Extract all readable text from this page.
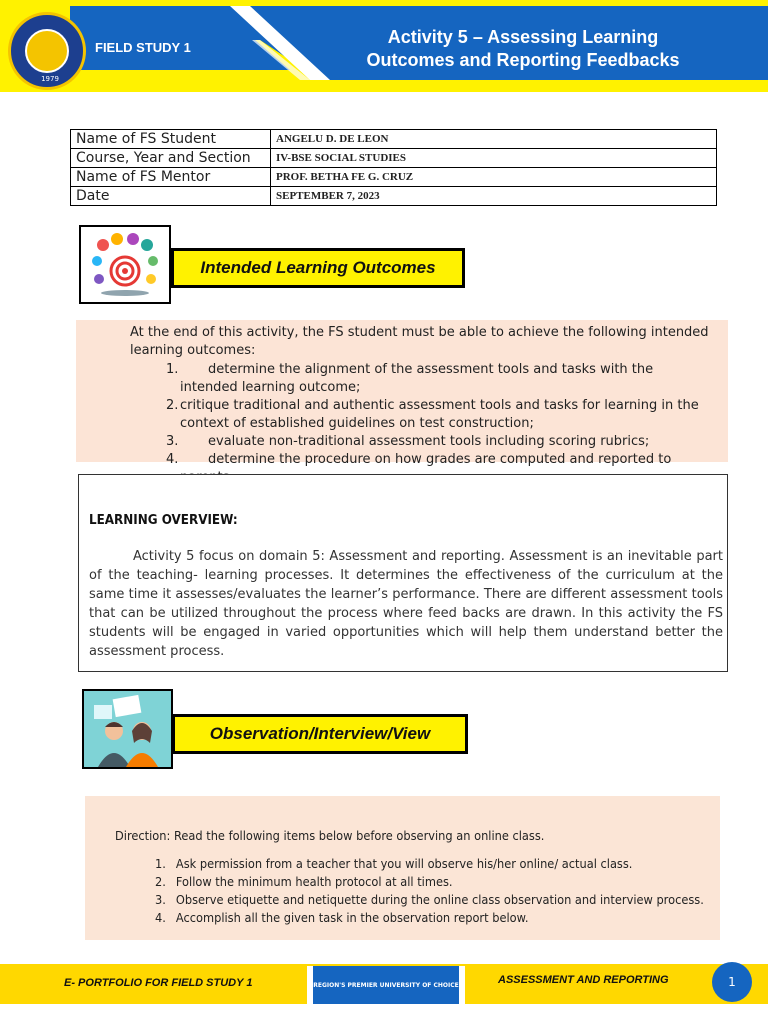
1979
FIELD STUDY 1
Activity 5 – Assessing Learning
Outcomes and Reporting Feedbacks
Name of FS Student	ANGELU D. DE LEON
Course, Year and Section	IV-BSE SOCIAL STUDIES
Name of FS Mentor	PROF. BETHA FE G. CRUZ
Date	SEPTEMBER 7, 2023
Intended Learning Outcomes
At the end of this activity, the FS student must be able to achieve the following intended learning outcomes:
1. determine the alignment of the assessment tools and tasks with the intended learning outcome;
2. critique traditional and authentic assessment tools and tasks for learning in the context of established guidelines on test construction;
3. evaluate non-traditional assessment tools including scoring rubrics;
4. determine the procedure on how grades are computed and reported to
LEARNING OVERVIEW:
Activity 5 focus on domain 5: Assessment and reporting. Assessment is an inevitable part of the teaching- learning processes. It determines the effectiveness of the curriculum at the same time it assesses/evaluates the learner’s performance. There are different assessment tools that can be utilized throughout the process where feed backs are drawn. In this activity the FS students will be engaged in varied opportunities which will help them understand better the assessment process.
Observation/Interview/View
Direction: Read the following items below before observing an online class.
1. Ask permission from a teacher that you will observe his/her online/ actual class.
2. Follow the minimum health protocol at all times.
3. Observe etiquette and netiquette during the online class observation and interview process.
4. Accomplish all the given task in the observation report below.
E- PORTFOLIO FOR FIELD STUDY 1	REGION'S PREMIER UNIVERSITY OF CHOICE	ASSESSMENT AND REPORTING	1
